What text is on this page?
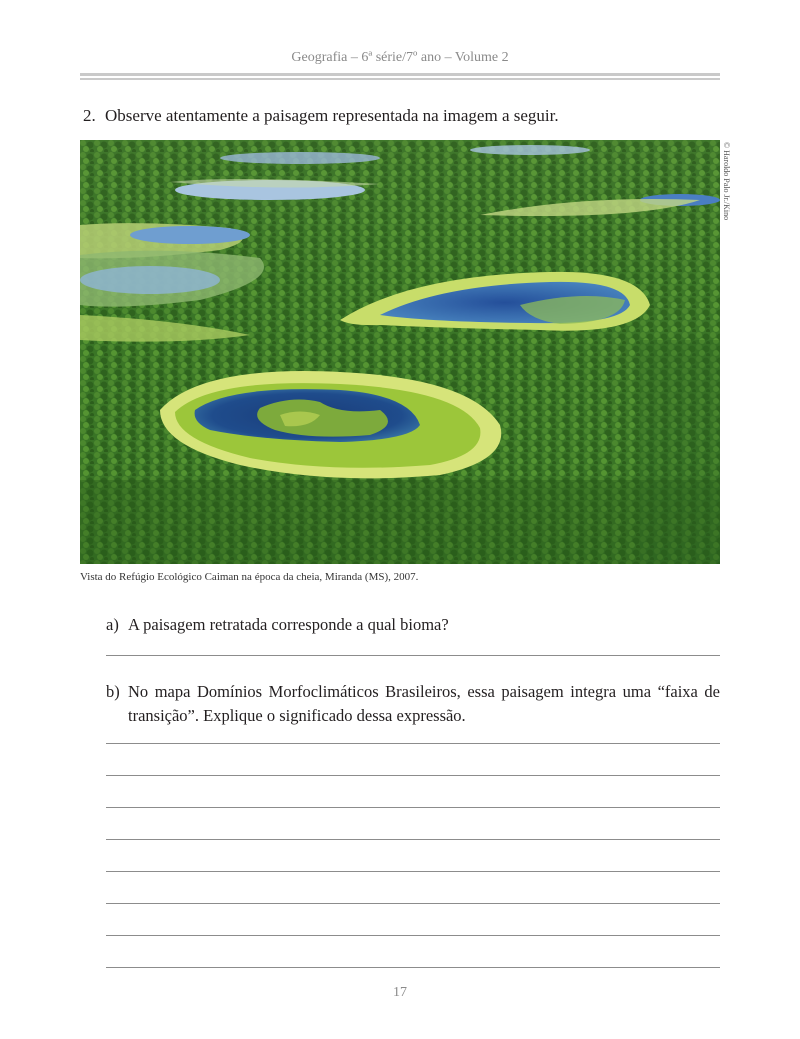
Geografia – 6ª série/7º ano – Volume 2
2. Observe atentamente a paisagem representada na imagem a seguir.
© Haroldo Palo Jr./Kino
Vista do Refúgio Ecológico Caiman na época da cheia, Miranda (MS), 2007.
a) A paisagem retratada corresponde a qual bioma?
b) No mapa Domínios Morfoclimáticos Brasileiros, essa paisagem integra uma “faixa de transição”. Explique o significado dessa expressão.
17
